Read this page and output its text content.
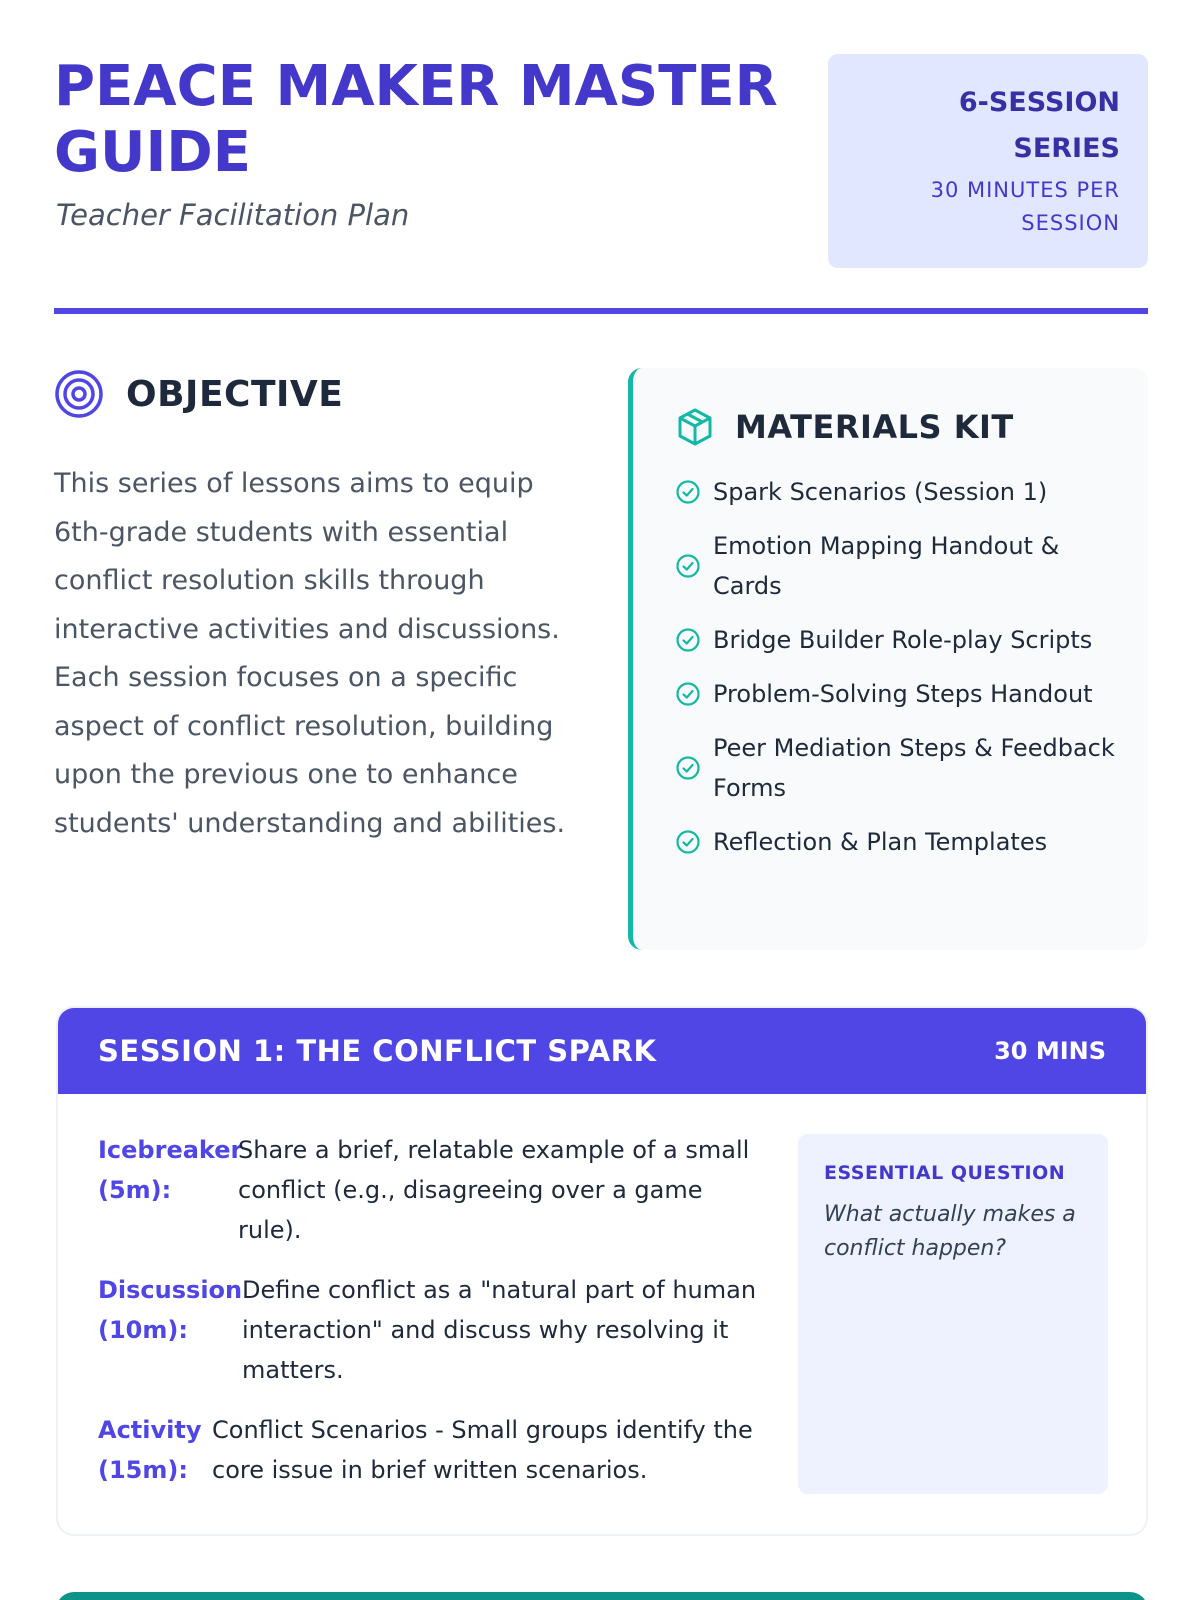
PEACE MAKER MASTER
GUIDE
Teacher Facilitation Plan
6-SESSION SERIES
30 MINUTES PER SESSION
OBJECTIVE

This series of lessons aims to equip 6th-grade students with essential conflict resolution skills through interactive activities and discussions. Each session focuses on a specific aspect of conflict resolution, building upon the previous one to enhance students' understanding and abilities.

MATERIALS KIT
Spark Scenarios (Session 1)
Emotion Mapping Handout & Cards
Bridge Builder Role-play Scripts
Problem-Solving Steps Handout
Peer Mediation Steps & Feedback Forms
Reflection & Plan Templates
SESSION 1: THE CONFLICT SPARK	30 MINS
Icebreaker (5m):
Share a brief, relatable example of a small conflict (e.g., disagreeing over a game rule).
Discussion (10m):
Define conflict as a "natural part of human interaction" and discuss why resolving it matters.
Activity (15m):
Conflict Scenarios - Small groups identify the core issue in brief written scenarios.
ESSENTIAL QUESTION
What actually makes a conflict happen?
